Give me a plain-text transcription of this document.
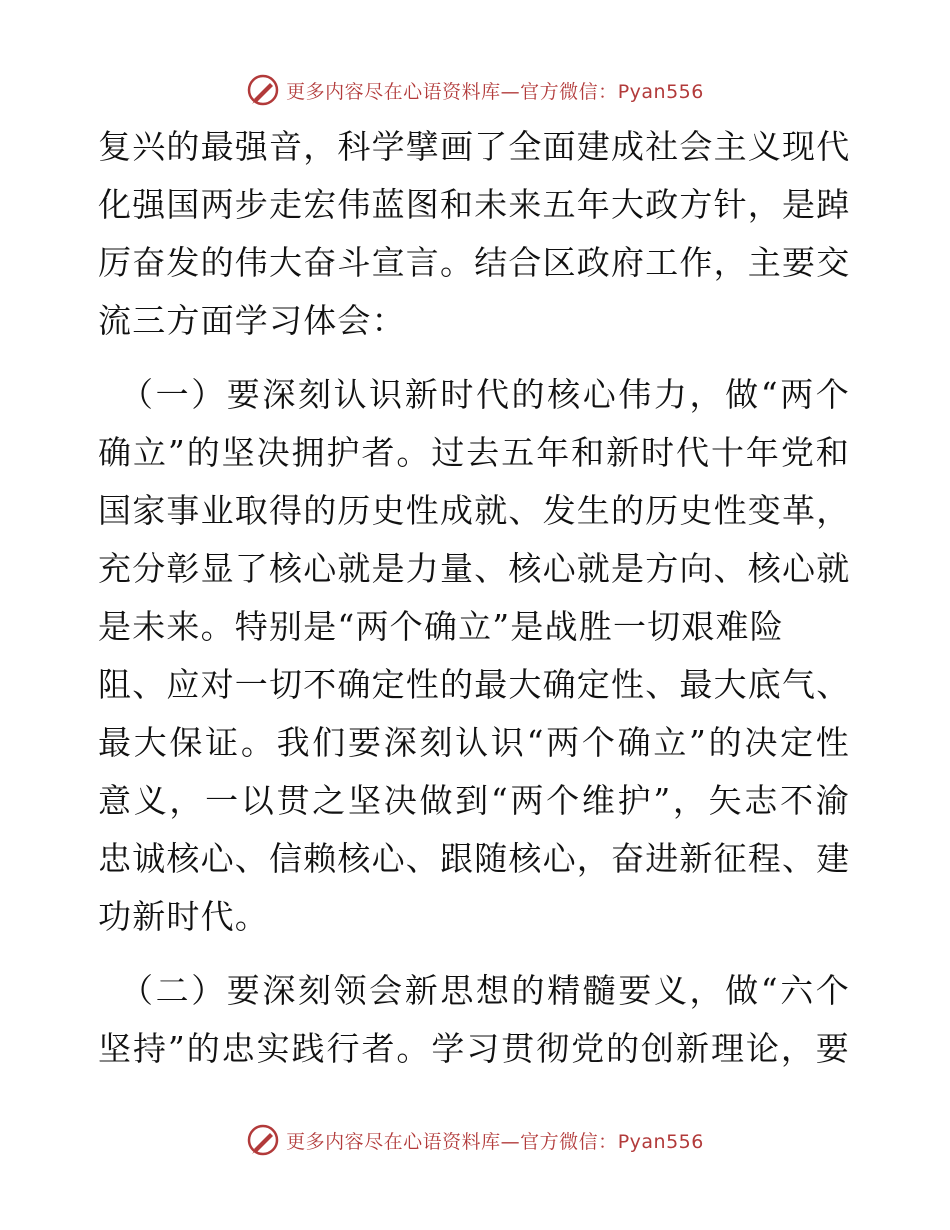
更多内容尽在心语资料库—官方微信：Pyan556
复兴的最强音，科学擘画了全面建成社会主义现代
化强国两步走宏伟蓝图和未来五年大政方针，是踔
厉奋发的伟大奋斗宣言。结合区政府工作，主要交
流三方面学习体会：
（一）要深刻认识新时代的核心伟力，做“两个
确立”的坚决拥护者。过去五年和新时代十年党和
国家事业取得的历史性成就、发生的历史性变革，
充分彰显了核心就是力量、核心就是方向、核心就
是未来。特别是“两个确立”是战胜一切艰难险
阻、应对一切不确定性的最大确定性、最大底气、
最大保证。我们要深刻认识“两个确立”的决定性
意义，一以贯之坚决做到“两个维护”，矢志不渝
忠诚核心、信赖核心、跟随核心，奋进新征程、建
功新时代。
（二）要深刻领会新思想的精髓要义，做“六个
坚持”的忠实践行者。学习贯彻党的创新理论，要
更多内容尽在心语资料库—官方微信：Pyan556
